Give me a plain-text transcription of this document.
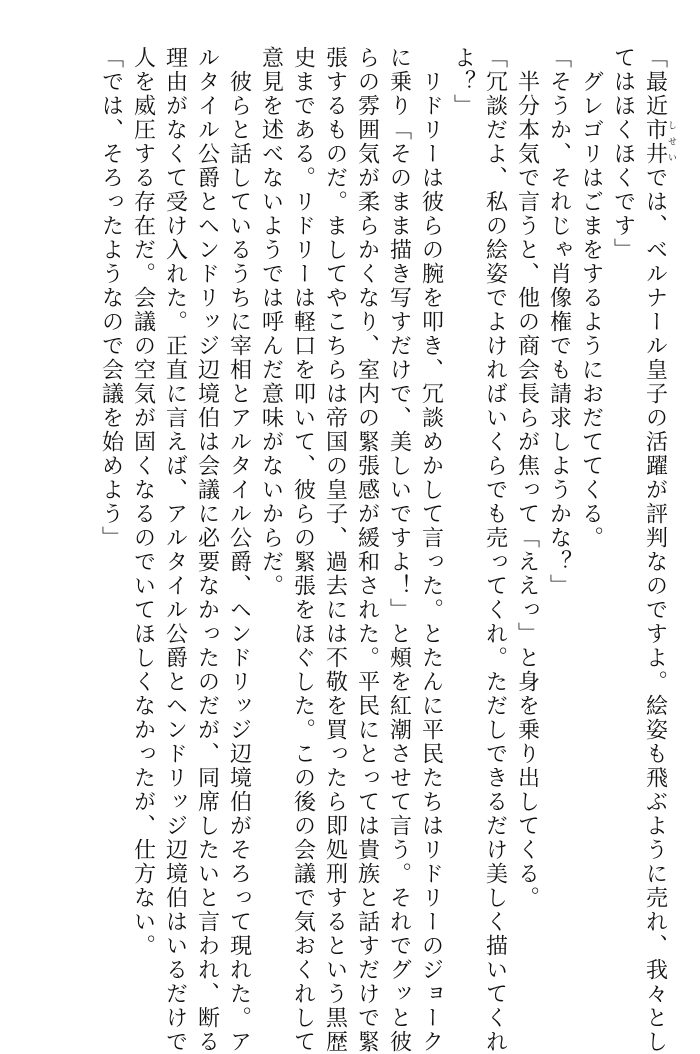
「最近市井しせいでは、ベルナール皇子の活躍が評判なのですよ。絵姿も飛ぶように売れ、我々とし

てはほくほくです」

　グレゴリはごまをするようにおだててくる。

「そうか、それじゃ肖像権でも請求しようかな？」

　半分本気で言うと、他の商会長らが焦って「ええっ」と身を乗り出してくる。

「冗談だよ、私の絵姿でよければいくらでも売ってくれ。ただしできるだけ美しく描いてくれ

よ？」

　リドリーは彼らの腕を叩き、冗談めかして言った。とたんに平民たちはリドリーのジョーク

に乗り「そのまま描き写すだけで、美しいですよ！」と頰を紅潮させて言う。それでグッと彼

らの雰囲気が柔らかくなり、室内の緊張感が緩和された。平民にとっては貴族と話すだけで緊

張するものだ。ましてやこちらは帝国の皇子、過去には不敬を買ったら即処刑するという黒歴

史まである。リドリーは軽口を叩いて、彼らの緊張をほぐした。この後の会議で気おくれして

意見を述べないようでは呼んだ意味がないからだ。

　彼らと話しているうちに宰相とアルタイル公爵、ヘンドリッジ辺境伯がそろって現れた。ア

ルタイル公爵とヘンドリッジ辺境伯は会議に必要なかったのだが、同席したいと言われ、断る

理由がなくて受け入れた。正直に言えば、アルタイル公爵とヘンドリッジ辺境伯はいるだけで

人を威圧する存在だ。会議の空気が固くなるのでいてほしくなかったが、仕方ない。

「では、そろったようなので会議を始めよう」
